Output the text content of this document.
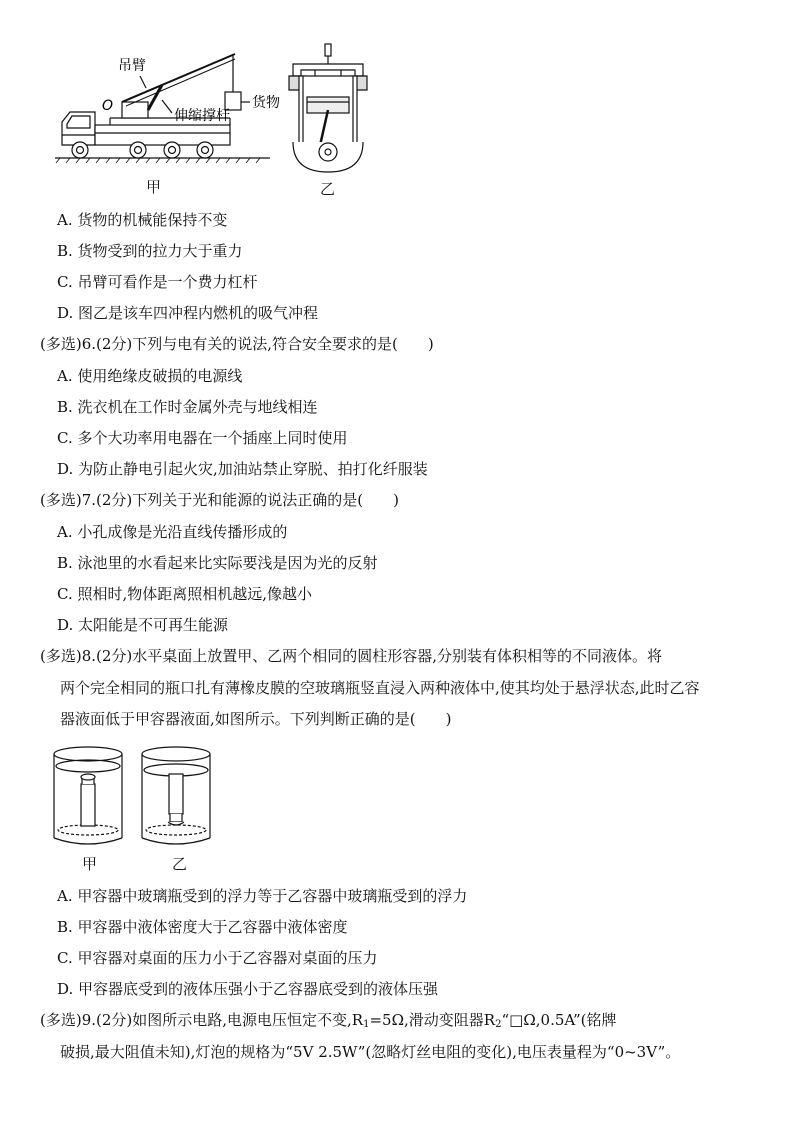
吊臂
O
伸缩撑杆
货物
甲	乙
A. 货物的机械能保持不变
B. 货物受到的拉力大于重力
C. 吊臂可看作是一个费力杠杆
D. 图乙是该车四冲程内燃机的吸气冲程
(多选)6.(2分)下列与电有关的说法,符合安全要求的是(　　)
A. 使用绝缘皮破损的电源线
B. 洗衣机在工作时金属外壳与地线相连
C. 多个大功率用电器在一个插座上同时使用
D. 为防止静电引起火灾,加油站禁止穿脱、拍打化纤服装
(多选)7.(2分)下列关于光和能源的说法正确的是(　　)
A. 小孔成像是光沿直线传播形成的
B. 泳池里的水看起来比实际要浅是因为光的反射
C. 照相时,物体距离照相机越远,像越小
D. 太阳能是不可再生能源
(多选)8.(2分)水平桌面上放置甲、乙两个相同的圆柱形容器,分别装有体积相等的不同液体。将
两个完全相同的瓶口扎有薄橡皮膜的空玻璃瓶竖直浸入两种液体中,使其均处于悬浮状态,此时乙容
器液面低于甲容器液面,如图所示。下列判断正确的是(　　)
甲	乙
A. 甲容器中玻璃瓶受到的浮力等于乙容器中玻璃瓶受到的浮力
B. 甲容器中液体密度大于乙容器中液体密度
C. 甲容器对桌面的压力小于乙容器对桌面的压力
D. 甲容器底受到的液体压强小于乙容器底受到的液体压强
(多选)9.(2分)如图所示电路,电源电压恒定不变$,R_1=5\Omega$,滑动变阻器$R_2“□\Omega,0.5A$”(铭牌
破损,最大阻值未知),灯泡的规格为“5V 2.5W”(忽略灯丝电阻的变化),电压表量程为“0~3V”。
